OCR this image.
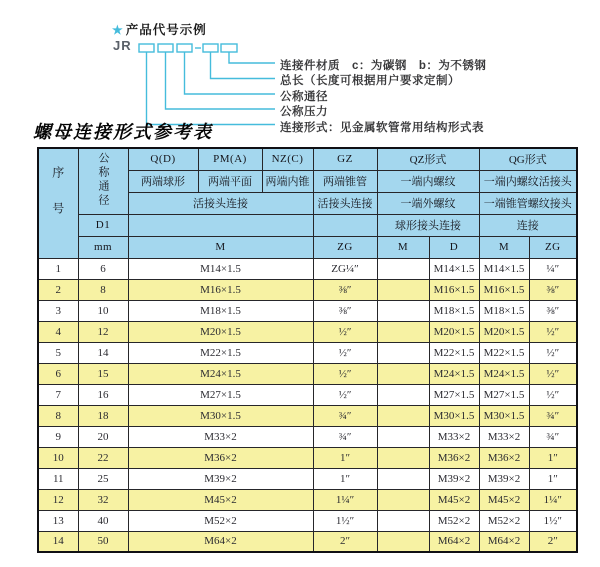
★ 产品代号示例
JR
连接件材质　c：为碳钢　b：为不锈钢
总长（长度可根据用户要求定制）
公称通径
公称压力
连接形式：见金属软管常用结构形式表
螺母连接形式参考表
序号	公称通径	Q(D)	PM(A)	NZ(C)	GZ	QZ形式		QG形式	
		两端球形	两端平面	两端内锥	两端锥管	一端内螺纹		一端内螺纹活接头	
		活接头连接			活接头连接	一端外螺纹		一端锥管螺纹接头	
	D1					球形接头连接		连接	
	mm	M			ZG	M	D	M	ZG
1	6	M14×1.5			ZG¼″		M14×1.5	M14×1.5	¼″
2	8	M16×1.5			⅜″		M16×1.5	M16×1.5	⅜″
3	10	M18×1.5			⅜″		M18×1.5	M18×1.5	⅜″
4	12	M20×1.5			½″		M20×1.5	M20×1.5	½″
5	14	M22×1.5			½″		M22×1.5	M22×1.5	½″
6	15	M24×1.5			½″		M24×1.5	M24×1.5	½″
7	16	M27×1.5			½″		M27×1.5	M27×1.5	½″
8	18	M30×1.5			¾″		M30×1.5	M30×1.5	¾″
9	20	M33×2			¾″		M33×2	M33×2	¾″
10	22	M36×2			1″		M36×2	M36×2	1″
11	25	M39×2			1″		M39×2	M39×2	1″
12	32	M45×2			1¼″		M45×2	M45×2	1¼″
13	40	M52×2			1½″		M52×2	M52×2	1½″
14	50	M64×2			2″		M64×2	M64×2	2″
